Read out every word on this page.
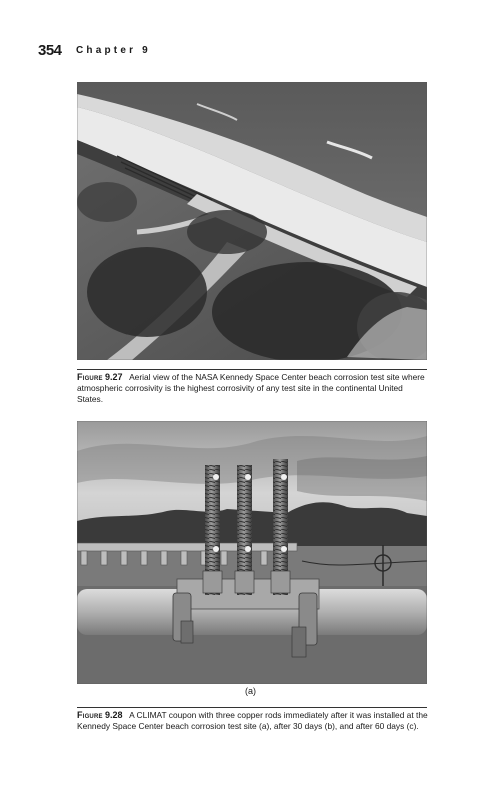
354 Chapter 9
Figure 9.27 Aerial view of the NASA Kennedy Space Center beach corrosion test site where atmospheric corrosivity is the highest corrosivity of any test site in the continental United States.
(a)
Figure 9.28 A CLIMAT coupon with three copper rods immediately after it was installed at the Kennedy Space Center beach corrosion test site (a), after 30 days (b), and after 60 days (c).
